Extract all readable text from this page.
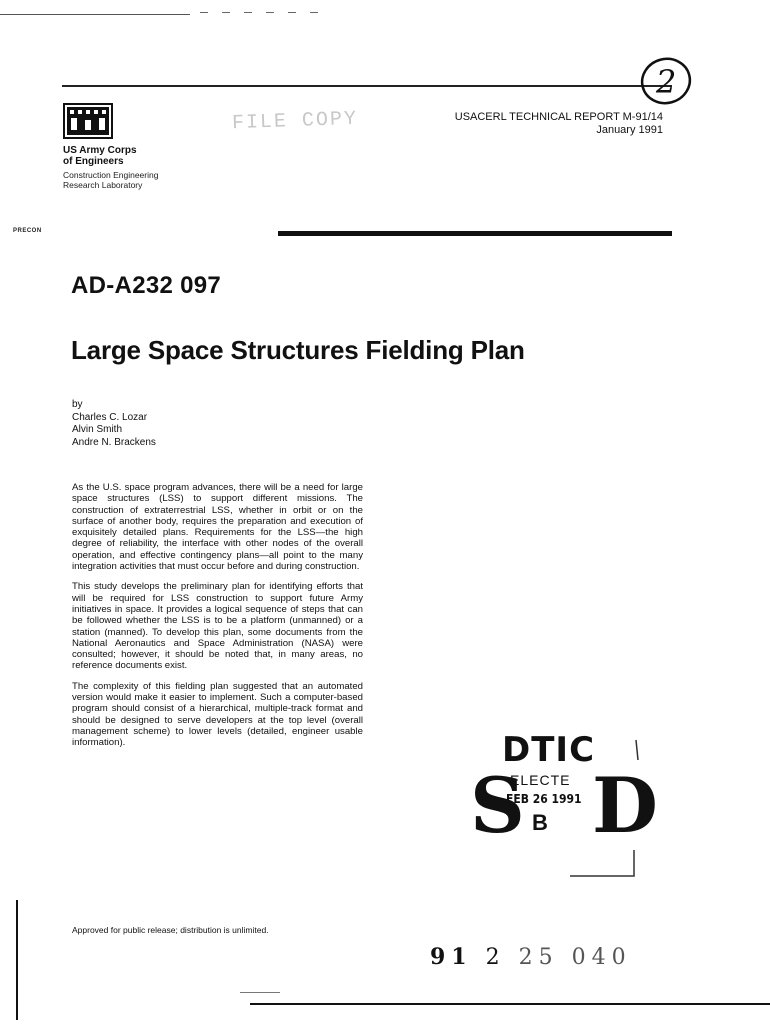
US Army Corps
of Engineers
Construction Engineering
Research Laboratory
FILE COPY	USACERL TECHNICAL REPORT M-91/14
January 1991
2
PRECON
AD-A232 097
Large Space Structures Fielding Plan
by
Charles C. Lozar
Alvin Smith
Andre N. Brackens

As the U.S. space program advances, there will be a need for large space structures (LSS) to support different missions. The construction of extraterrestrial LSS, whether in orbit or on the surface of another body, requires the preparation and execution of exquisitely detailed plans. Requirements for the LSS—the high degree of reliability, the interface with other nodes of the overall operation, and effective contingency plans—all point to the many integration activities that must occur before and during construction.

This study develops the preliminary plan for identifying efforts that will be required for LSS construction to support future Army initiatives in space. It provides a logical sequence of steps that can be followed whether the LSS is to be a platform (unmanned) or a station (manned). To develop this plan, some documents from the National Aeronautics and Space Administration (NASA) were consulted; however, it should be noted that, in many areas, no reference documents exist.

The complexity of this fielding plan suggested that an automated version would make it easier to implement. Such a computer-based program should consist of a hierarchical, multiple-track format and should be designed to serve developers at the top level (overall management scheme) to lower levels (detailed, engineer usable information).	DTIC
S
ELECTE
FEB 26 1991
B D
Approved for public release; distribution is unlimited.
91 2 25 040
